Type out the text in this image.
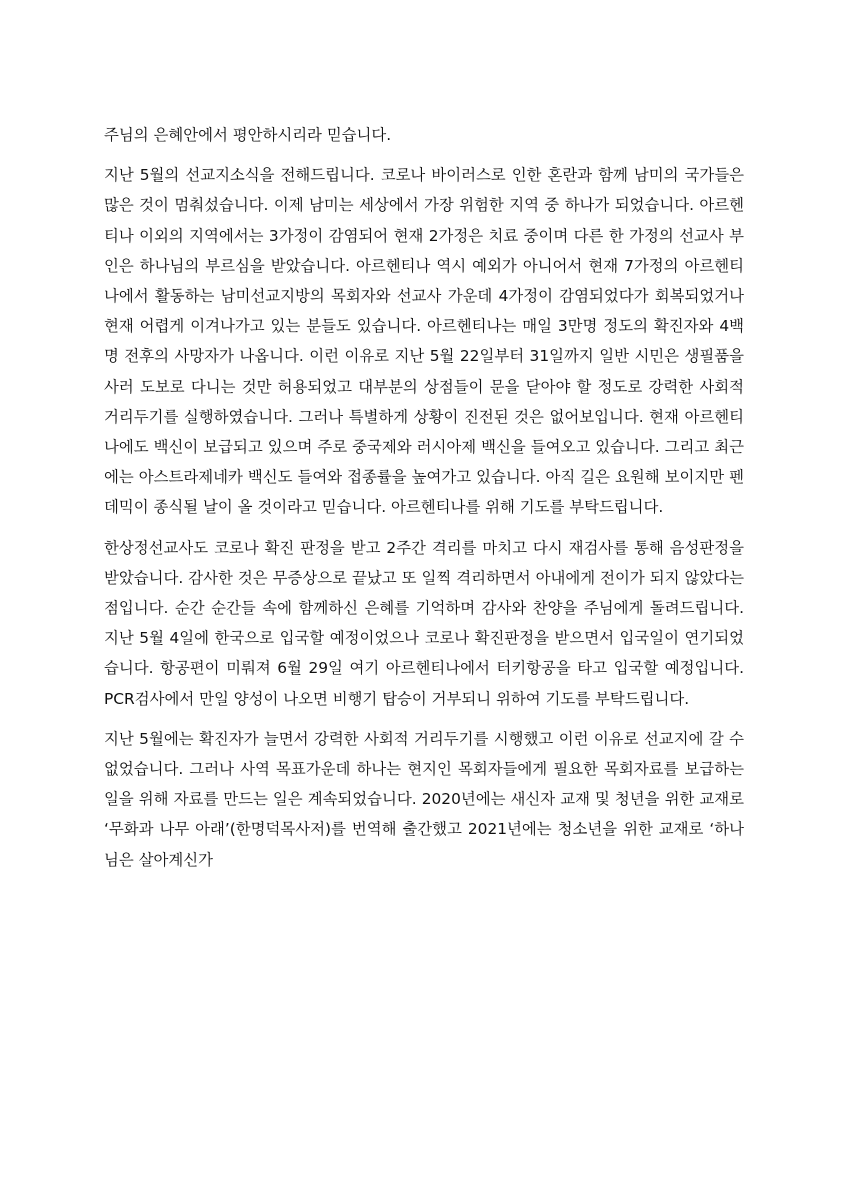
주님의 은혜안에서 평안하시리라 믿습니다.

지난 5월의 선교지소식을 전해드립니다. 코로나 바이러스로 인한 혼란과 함께 남미의 국가들은 많은 것이 멈춰섰습니다. 이제 남미는 세상에서 가장 위험한 지역 중 하나가 되었습니다. 아르헨티나 이외의 지역에서는 3가정이 감염되어 현재 2가정은 치료 중이며 다른 한 가정의 선교사 부인은 하나님의 부르심을 받았습니다. 아르헨티나 역시 예외가 아니어서 현재 7가정의 아르헨티나에서 활동하는 남미선교지방의 목회자와 선교사 가운데 4가정이 감염되었다가 회복되었거나 현재 어렵게 이겨나가고 있는 분들도 있습니다. 아르헨티나는 매일 3만명 정도의 확진자와 4백명 전후의 사망자가 나옵니다. 이런 이유로 지난 5월 22일부터 31일까지 일반 시민은 생필품을 사러 도보로 다니는 것만 허용되었고 대부분의 상점들이 문을 닫아야 할 정도로 강력한 사회적 거리두기를 실행하였습니다. 그러나 특별하게 상황이 진전된 것은 없어보입니다. 현재 아르헨티나에도 백신이 보급되고 있으며 주로 중국제와 러시아제 백신을 들여오고 있습니다. 그리고 최근에는 아스트라제네카 백신도 들여와 접종률을 높여가고 있습니다. 아직 길은 요원해 보이지만 펜데믹이 종식될 날이 올 것이라고 믿습니다. 아르헨티나를 위해 기도를 부탁드립니다.

한상정선교사도 코로나 확진 판정을 받고 2주간 격리를 마치고 다시 재검사를 통해 음성판정을 받았습니다. 감사한 것은 무증상으로 끝났고 또 일찍 격리하면서 아내에게 전이가 되지 않았다는 점입니다. 순간 순간들 속에 함께하신 은혜를 기억하며 감사와 찬양을 주님에게 돌려드립니다. 지난 5월 4일에 한국으로 입국할 예정이었으나 코로나 확진판정을 받으면서 입국일이 연기되었습니다. 항공편이 미뤄져 6월 29일 여기 아르헨티나에서 터키항공을 타고 입국할 예정입니다. PCR검사에서 만일 양성이 나오면 비행기 탑승이 거부되니 위하여 기도를 부탁드립니다.

지난 5월에는 확진자가 늘면서 강력한 사회적 거리두기를 시행했고 이런 이유로 선교지에 갈 수 없었습니다. 그러나 사역 목표가운데 하나는 현지인 목회자들에게 필요한 목회자료를 보급하는 일을 위해 자료를 만드는 일은 계속되었습니다. 2020년에는 새신자 교재 및 청년을 위한 교재로 ‘무화과 나무 아래’(한명덕목사저)를 번역해 출간했고 2021년에는 청소년을 위한 교재로 ‘하나님은 살아계신가
